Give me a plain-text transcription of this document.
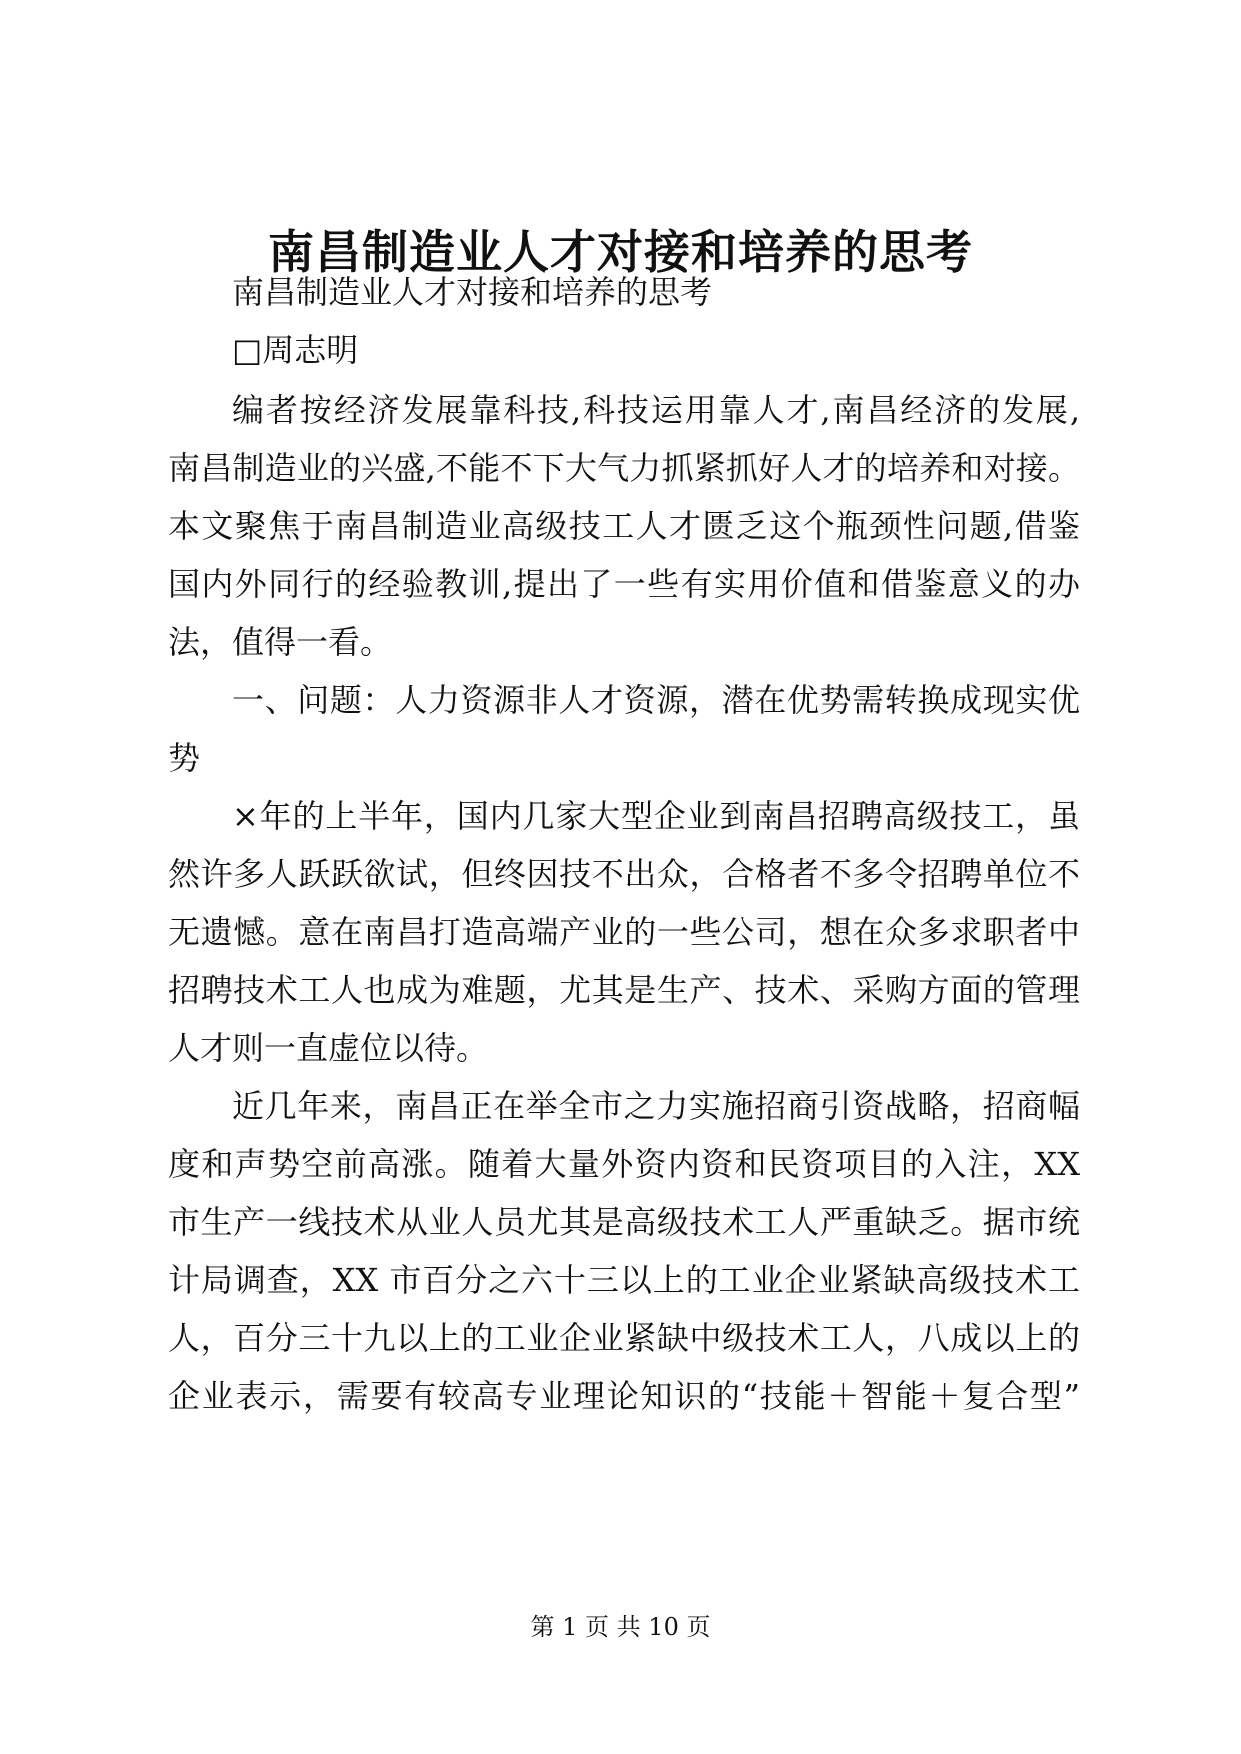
南昌制造业人才对接和培养的思考

南昌制造业人才对接和培养的思考

□周志明

编者按经济发展靠科技,科技运用靠人才,南昌经济的发展,

南昌制造业的兴盛,不能不下大气力抓紧抓好人才的培养和对接。

本文聚焦于南昌制造业高级技工人才匮乏这个瓶颈性问题,借鉴

国内外同行的经验教训,提出了一些有实用价值和借鉴意义的办

法，值得一看。

一、问题：人力资源非人才资源，潜在优势需转换成现实优

势

×年的上半年，国内几家大型企业到南昌招聘高级技工，虽

然许多人跃跃欲试，但终因技不出众，合格者不多令招聘单位不

无遗憾。意在南昌打造高端产业的一些公司，想在众多求职者中

招聘技术工人也成为难题，尤其是生产、技术、采购方面的管理

人才则一直虚位以待。

近几年来，南昌正在举全市之力实施招商引资战略，招商幅

度和声势空前高涨。随着大量外资内资和民资项目的入注，XX

市生产一线技术从业人员尤其是高级技术工人严重缺乏。据市统

计局调查，XX 市百分之六十三以上的工业企业紧缺高级技术工

人，百分三十九以上的工业企业紧缺中级技术工人，八成以上的

企业表示，需要有较高专业理论知识的“技能＋智能＋复合型”

第 1 页 共 10 页
